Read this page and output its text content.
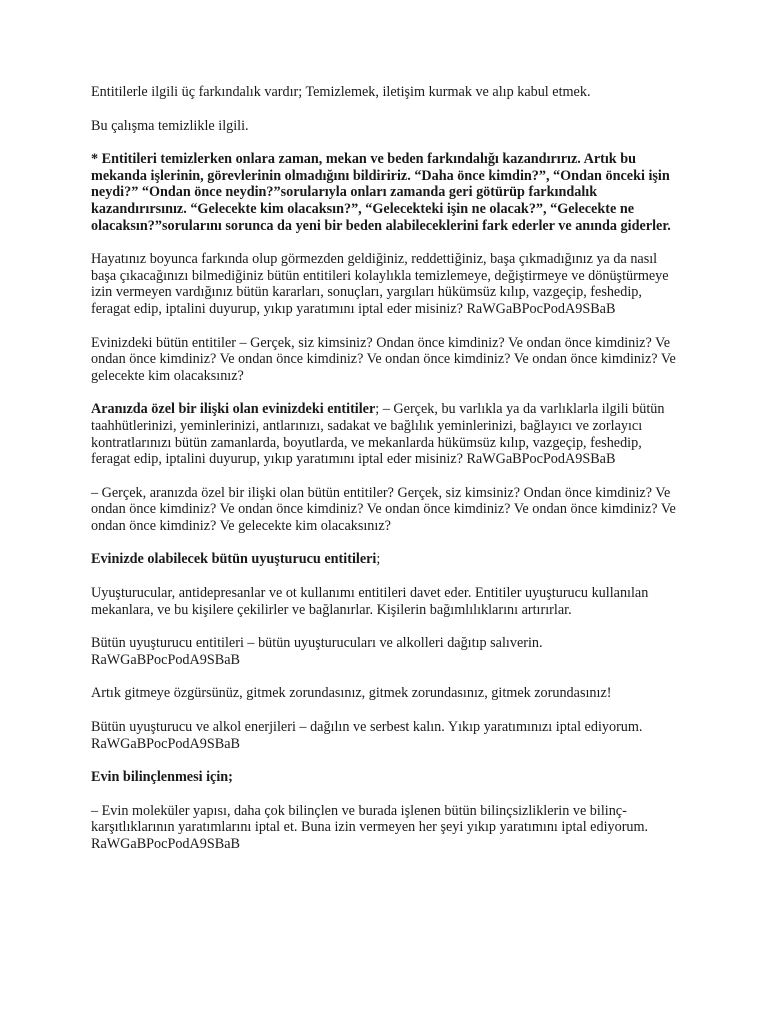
Entitilerle ilgili üç farkındalık vardır; Temizlemek, iletişim kurmak ve alıp kabul etmek.

Bu çalışma temizlikle ilgili.

* Entitileri temizlerken onlara zaman, mekan ve beden farkındalığı kazandırırız. Artık bu mekanda işlerinin, görevlerinin olmadığını bildiririz. “Daha önce kimdin?”, “Ondan önceki işin neydi?” “Ondan önce neydin?”sorularıyla onları zamanda geri götürüp farkındalık kazandırırsınız. “Gelecekte kim olacaksın?”, “Gelecekteki işin ne olacak?”, “Gelecekte ne olacaksın?”sorularını sorunca da yeni bir beden alabileceklerini fark ederler ve anında giderler.

Hayatınız boyunca farkında olup görmezden geldiğiniz, reddettiğiniz, başa çıkmadığınız ya da nasıl başa çıkacağınızı bilmediğiniz bütün entitileri kolaylıkla temizlemeye, değiştirmeye ve dönüştürmeye izin vermeyen vardığınız bütün kararları, sonuçları, yargıları hükümsüz kılıp, vazgeçip, feshedip, feragat edip, iptalini duyurup, yıkıp yaratımını iptal eder misiniz? RaWGaBPocPodA9SBaB

Evinizdeki bütün entitiler – Gerçek, siz kimsiniz? Ondan önce kimdiniz? Ve ondan önce kimdiniz? Ve ondan önce kimdiniz? Ve ondan önce kimdiniz? Ve ondan önce kimdiniz? Ve ondan önce kimdiniz? Ve gelecekte kim olacaksınız?

Aranızda özel bir ilişki olan evinizdeki entitiler; – Gerçek, bu varlıkla ya da varlıklarla ilgili bütün taahhütlerinizi, yeminlerinizi, antlarınızı, sadakat ve bağlılık yeminlerinizi, bağlayıcı ve zorlayıcı kontratlarınızı bütün zamanlarda, boyutlarda, ve mekanlarda hükümsüz kılıp, vazgeçip, feshedip, feragat edip, iptalini duyurup, yıkıp yaratımını iptal eder misiniz? RaWGaBPocPodA9SBaB

– Gerçek, aranızda özel bir ilişki olan bütün entitiler? Gerçek, siz kimsiniz? Ondan önce kimdiniz? Ve ondan önce kimdiniz? Ve ondan önce kimdiniz? Ve ondan önce kimdiniz? Ve ondan önce kimdiniz? Ve ondan önce kimdiniz? Ve gelecekte kim olacaksınız?

Evinizde olabilecek bütün uyuşturucu entitileri;

Uyuşturucular, antidepresanlar ve ot kullanımı entitileri davet eder. Entitiler uyuşturucu kullanılan mekanlara, ve bu kişilere çekilirler ve bağlanırlar. Kişilerin bağımlılıklarını artırırlar.

Bütün uyuşturucu entitileri – bütün uyuşturucuları ve alkolleri dağıtıp salıverin. RaWGaBPocPodA9SBaB

Artık gitmeye özgürsünüz, gitmek zorundasınız, gitmek zorundasınız, gitmek zorundasınız!

Bütün uyuşturucu ve alkol enerjileri – dağılın ve serbest kalın. Yıkıp yaratımınızı iptal ediyorum. RaWGaBPocPodA9SBaB

Evin bilinçlenmesi için;

– Evin moleküler yapısı, daha çok bilinçlen ve burada işlenen bütün bilinçsizliklerin ve bilinç-karşıtlıklarının yaratımlarını iptal et. Buna izin vermeyen her şeyi yıkıp yaratımını iptal ediyorum. RaWGaBPocPodA9SBaB
